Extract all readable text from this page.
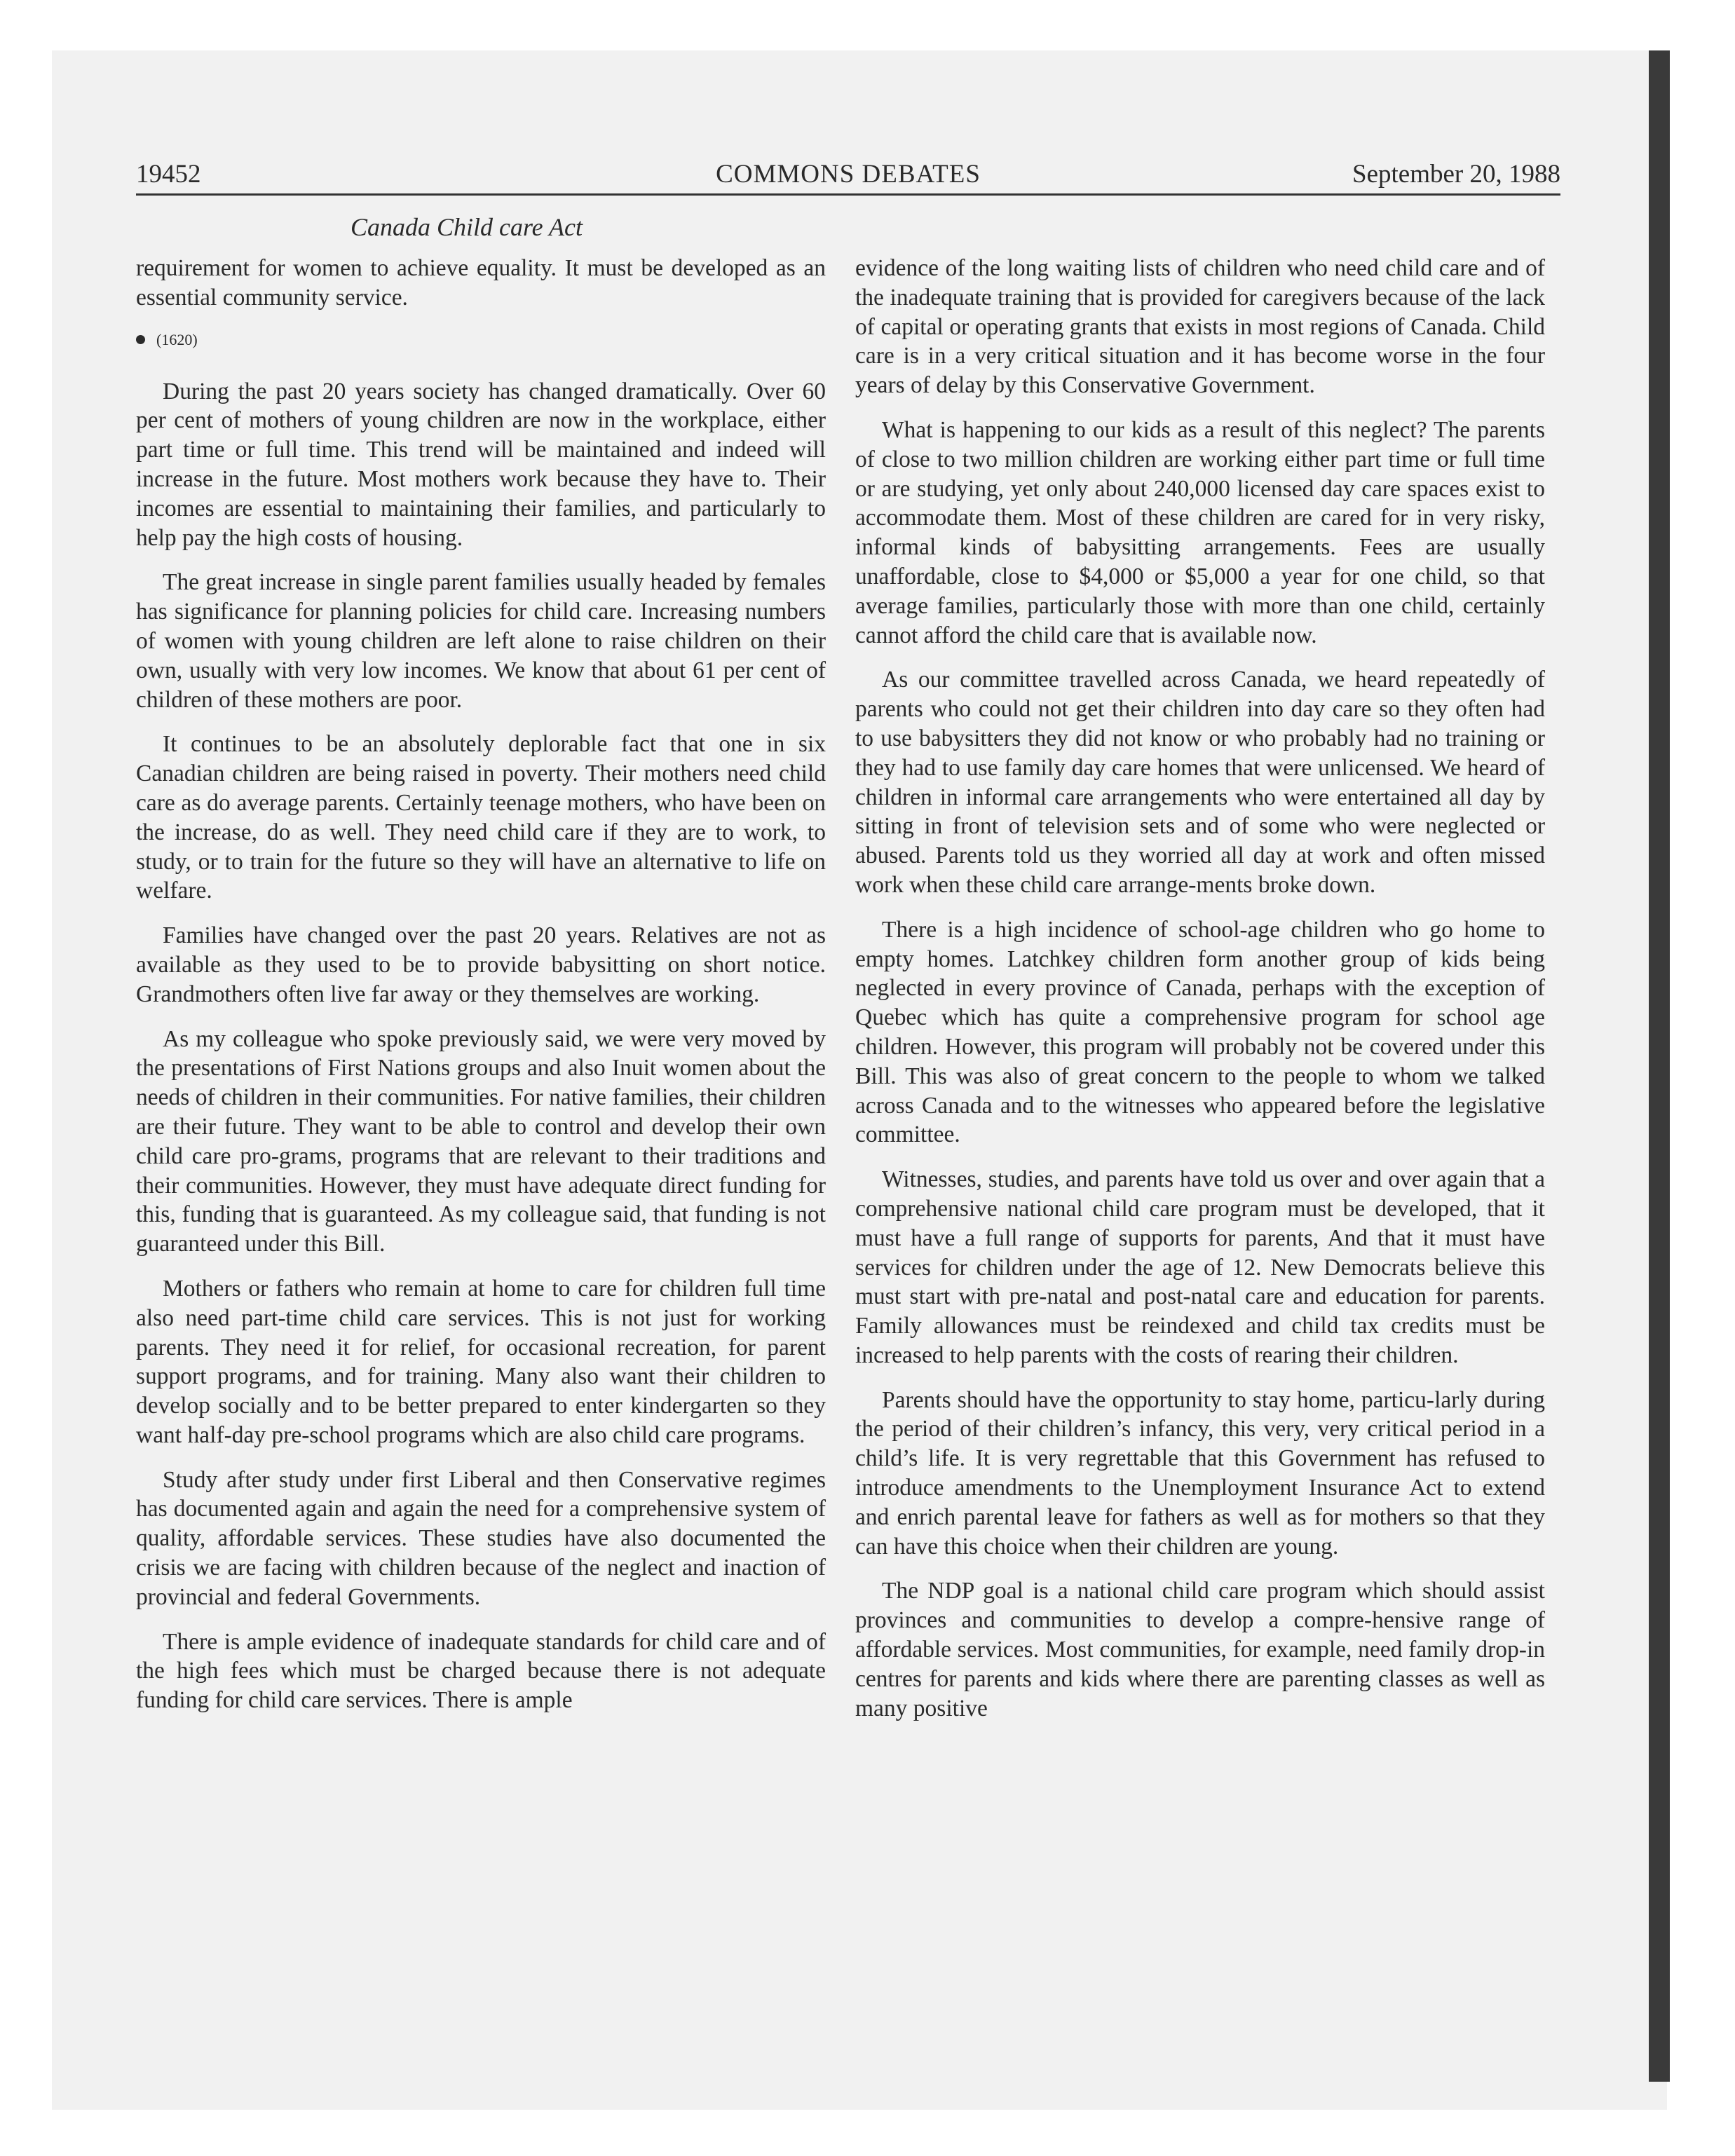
19452	COMMONS DEBATES	September 20, 1988
Canada Child care Act

requirement for women to achieve equality. It must be developed as an essential community service.

(1620)

During the past 20 years society has changed dramatically. Over 60 per cent of mothers of young children are now in the workplace, either part time or full time. This trend will be maintained and indeed will increase in the future. Most mothers work because they have to. Their incomes are essential to maintaining their families, and particularly to help pay the high costs of housing.

The great increase in single parent families usually headed by females has significance for planning policies for child care. Increasing numbers of women with young children are left alone to raise children on their own, usually with very low incomes. We know that about 61 per cent of children of these mothers are poor.

It continues to be an absolutely deplorable fact that one in six Canadian children are being raised in poverty. Their mothers need child care as do average parents. Certainly teenage mothers, who have been on the increase, do as well. They need child care if they are to work, to study, or to train for the future so they will have an alternative to life on welfare.

Families have changed over the past 20 years. Relatives are not as available as they used to be to provide babysitting on short notice. Grandmothers often live far away or they themselves are working.

As my colleague who spoke previously said, we were very moved by the presentations of First Nations groups and also Inuit women about the needs of children in their communities. For native families, their children are their future. They want to be able to control and develop their own child care pro-grams, programs that are relevant to their traditions and their communities. However, they must have adequate direct funding for this, funding that is guaranteed. As my colleague said, that funding is not guaranteed under this Bill.

Mothers or fathers who remain at home to care for children full time also need part-time child care services. This is not just for working parents. They need it for relief, for occasional recreation, for parent support programs, and for training. Many also want their children to develop socially and to be better prepared to enter kindergarten so they want half-day pre-school programs which are also child care programs.

Study after study under first Liberal and then Conservative regimes has documented again and again the need for a comprehensive system of quality, affordable services. These studies have also documented the crisis we are facing with children because of the neglect and inaction of provincial and federal Governments.

There is ample evidence of inadequate standards for child care and of the high fees which must be charged because there is not adequate funding for child care services. There is ample

evidence of the long waiting lists of children who need child care and of the inadequate training that is provided for caregivers because of the lack of capital or operating grants that exists in most regions of Canada. Child care is in a very critical situation and it has become worse in the four years of delay by this Conservative Government.

What is happening to our kids as a result of this neglect? The parents of close to two million children are working either part time or full time or are studying, yet only about 240,000 licensed day care spaces exist to accommodate them. Most of these children are cared for in very risky, informal kinds of babysitting arrangements. Fees are usually unaffordable, close to $4,000 or $5,000 a year for one child, so that average families, particularly those with more than one child, certainly cannot afford the child care that is available now.

As our committee travelled across Canada, we heard repeatedly of parents who could not get their children into day care so they often had to use babysitters they did not know or who probably had no training or they had to use family day care homes that were unlicensed. We heard of children in informal care arrangements who were entertained all day by sitting in front of television sets and of some who were neglected or abused. Parents told us they worried all day at work and often missed work when these child care arrange-ments broke down.

There is a high incidence of school-age children who go home to empty homes. Latchkey children form another group of kids being neglected in every province of Canada, perhaps with the exception of Quebec which has quite a comprehensive program for school age children. However, this program will probably not be covered under this Bill. This was also of great concern to the people to whom we talked across Canada and to the witnesses who appeared before the legislative committee.

Witnesses, studies, and parents have told us over and over again that a comprehensive national child care program must be developed, that it must have a full range of supports for parents, And that it must have services for children under the age of 12. New Democrats believe this must start with pre-natal and post-natal care and education for parents. Family allowances must be reindexed and child tax credits must be increased to help parents with the costs of rearing their children.

Parents should have the opportunity to stay home, particu-larly during the period of their children’s infancy, this very, very critical period in a child’s life. It is very regrettable that this Government has refused to introduce amendments to the Unemployment Insurance Act to extend and enrich parental leave for fathers as well as for mothers so that they can have this choice when their children are young.

The NDP goal is a national child care program which should assist provinces and communities to develop a compre-hensive range of affordable services. Most communities, for example, need family drop-in centres for parents and kids where there are parenting classes as well as many positive
